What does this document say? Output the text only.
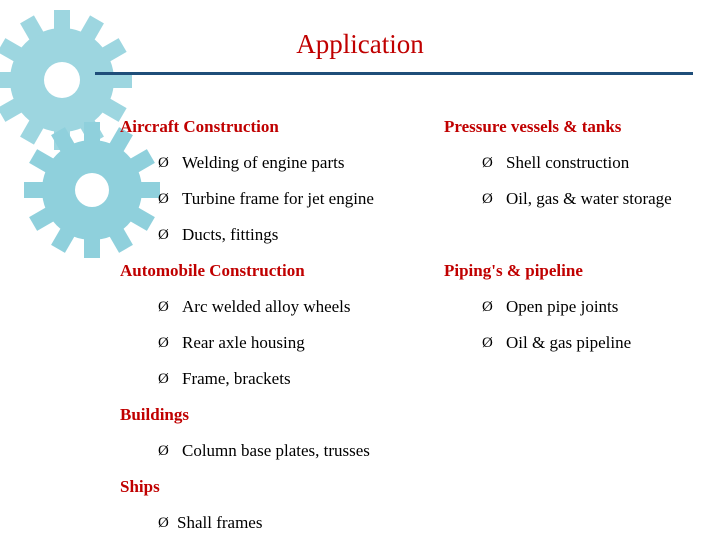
Application
Aircraft Construction
Ø Welding of engine parts
Ø Turbine frame for jet engine
Ø Ducts, fittings
Automobile Construction
Ø Arc welded alloy wheels
Ø Rear axle housing
Ø Frame, brackets
Buildings
Ø Column base plates, trusses
Ships
Ø Shall frames
Pressure vessels & tanks
Ø Shell construction
Ø Oil, gas & water storage
Piping's & pipeline
Ø Open pipe joints
Ø Oil & gas pipeline
